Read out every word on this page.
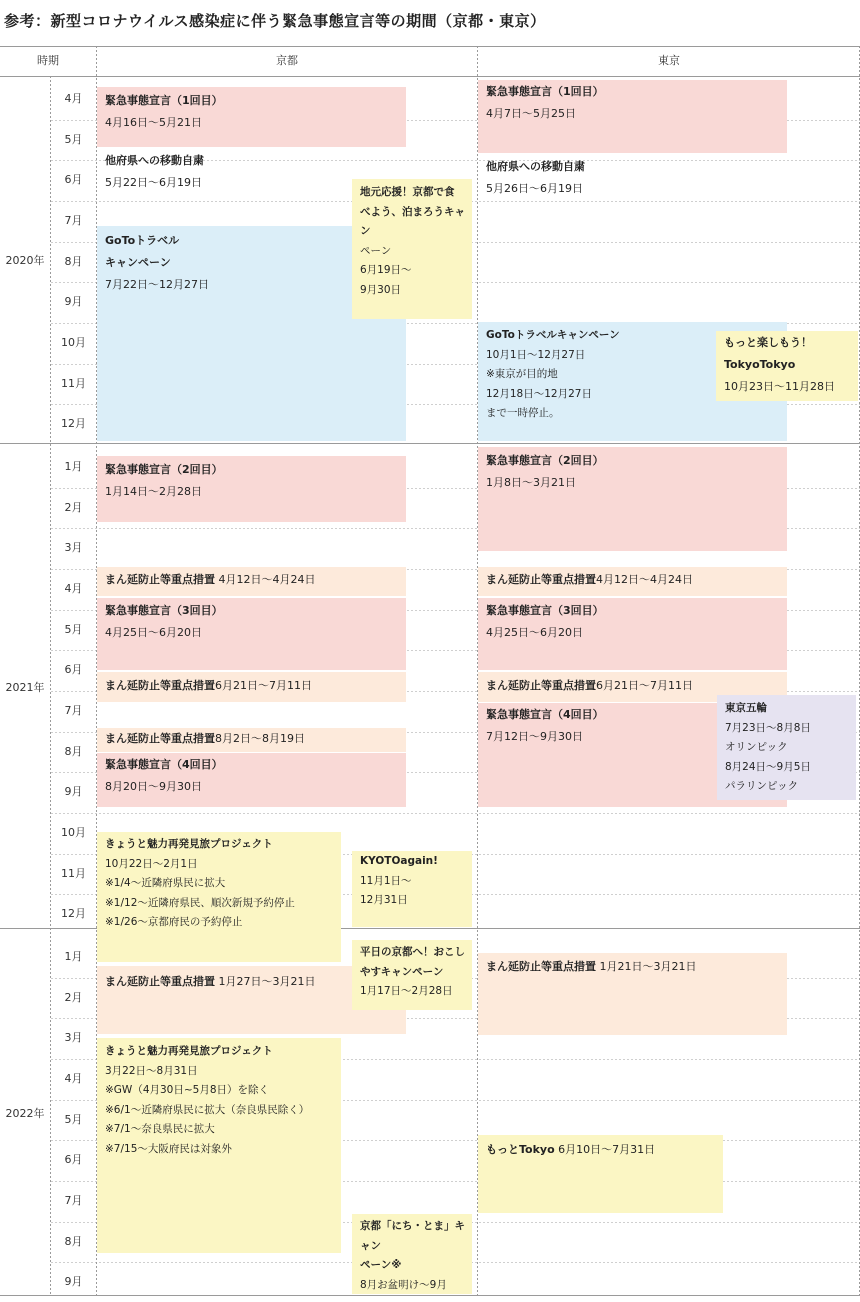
参考：新型コロナウイルス感染症に伴う緊急事態宣言等の期間（京都・東京）
時期	京都	東京
2020年
2021年
2022年
4月
5月
6月
7月
8月
9月
10月
11月
12月
1月
2月
3月
4月
5月
6月
7月
8月
9月
10月
11月
12月
1月
2月
3月
4月
5月
6月
7月
8月
9月
GoToトラベル
キャンペーン
7月22日～12月27日
緊急事態宣言（1回目）
4月16日～5月21日
他府県への移動自粛
5月22日～6月19日
地元応援！京都で食
べよう、泊まろうキャン
ペーン
6月19日～
9月30日
緊急事態宣言（2回目）
1月14日～2月28日
まん延防止等重点措置 4月12日～4月24日
緊急事態宣言（3回目）
4月25日～6月20日
まん延防止等重点措置6月21日～7月11日
まん延防止等重点措置8月2日～8月19日
緊急事態宣言（4回目）
8月20日～9月30日
きょうと魅力再発見旅プロジェクト
10月22日～2月1日
※1/4～近隣府県民に拡大
※1/12～近隣府県民、順次新規予約停止
※1/26～京都府民の予約停止
KYOTOagain!
11月1日～
12月31日
まん延防止等重点措置 1月27日～3月21日
平日の京都へ！おこし
やすキャンペーン
1月17日～2月28日
きょうと魅力再発見旅プロジェクト
3月22日～8月31日
※GW（4月30日~5月8日）を除く
※6/1～近隣府県民に拡大（奈良県民除く）
※7/1～奈良県民に拡大
※7/15～大阪府民は対象外
京都「にち・とま」キャン
ペーン※
8月お盆明け～9月
緊急事態宣言（1回目）
4月7日～5月25日
他府県への移動自粛
5月26日～6月19日
GoToトラベルキャンペーン
10月1日～12月27日
※東京が目的地
12月18日～12月27日
まで一時停止。
もっと楽しもう！
TokyoTokyo
10月23日～11月28日
緊急事態宣言（2回目）
1月8日～3月21日
まん延防止等重点措置4月12日～4月24日
緊急事態宣言（3回目）
4月25日～6月20日
まん延防止等重点措置6月21日～7月11日
緊急事態宣言（4回目）
7月12日～9月30日
東京五輪
7月23日～8月8日
オリンピック
8月24日～9月5日
パラリンピック
まん延防止等重点措置 1月21日～3月21日
もっとTokyo 6月10日～7月31日
